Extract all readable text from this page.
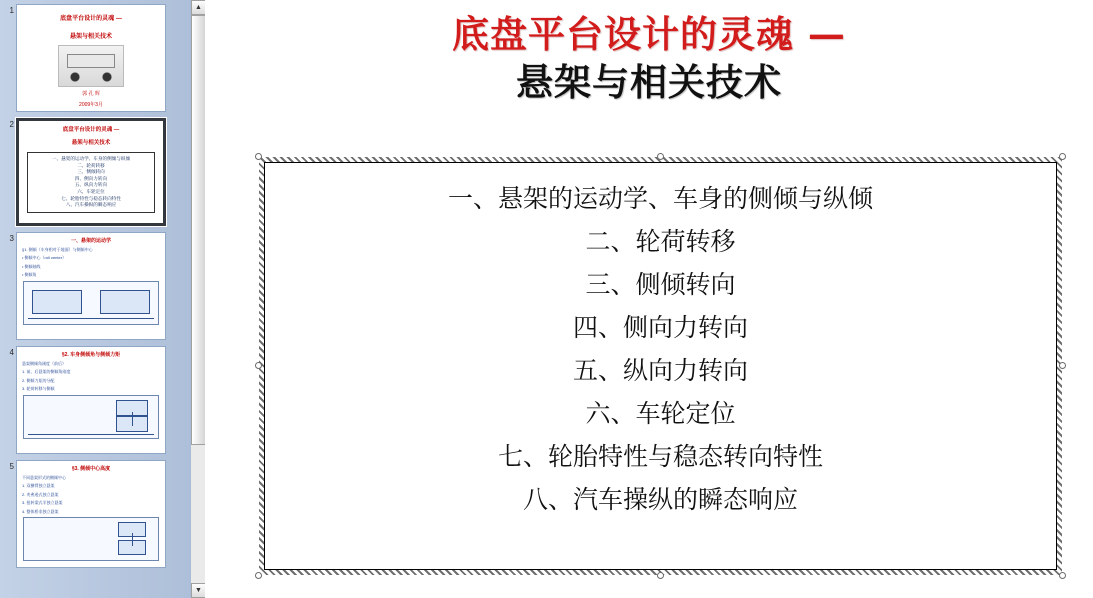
1
底盘平台设计的灵魂 —
悬架与相关技术
郭 孔 辉
2009年3月
2
底盘平台设计的灵魂 —
悬架与相关技术
一、悬架的运动学、车身的侧倾与纵倾
二、轮荷转移
三、侧倾转向
四、侧向力转向
五、纵向力转向
六、车轮定位
七、轮胎特性与稳态转向特性
八、汽车操纵的瞬态响应
3	一、悬架的运动学
§1. 侧倾（车身相对于地面）与侧倾中心
• 侧倾中心（roll center）
• 侧倾轴线
• 侧倾角
4	§2. 车身侧倾角与侧倾力矩
悬架侧倾角刚度（前后）
1. 前、后悬架的侧倾角刚度
2. 侧倾力矩的分配
3. 轮荷转移与侧倾
5	§3. 侧倾中心高度
不同悬架形式的侧倾中心
1. 双横臂独立悬架
2. 麦弗逊式独立悬架
3. 扭转梁式半独立悬架
4. 整体桥非独立悬架
▲
▼
底盘平台设计的灵魂 —
悬架与相关技术
一、悬架的运动学、车身的侧倾与纵倾
二、轮荷转移
三、侧倾转向
四、侧向力转向
五、纵向力转向
六、车轮定位
七、轮胎特性与稳态转向特性
八、汽车操纵的瞬态响应
